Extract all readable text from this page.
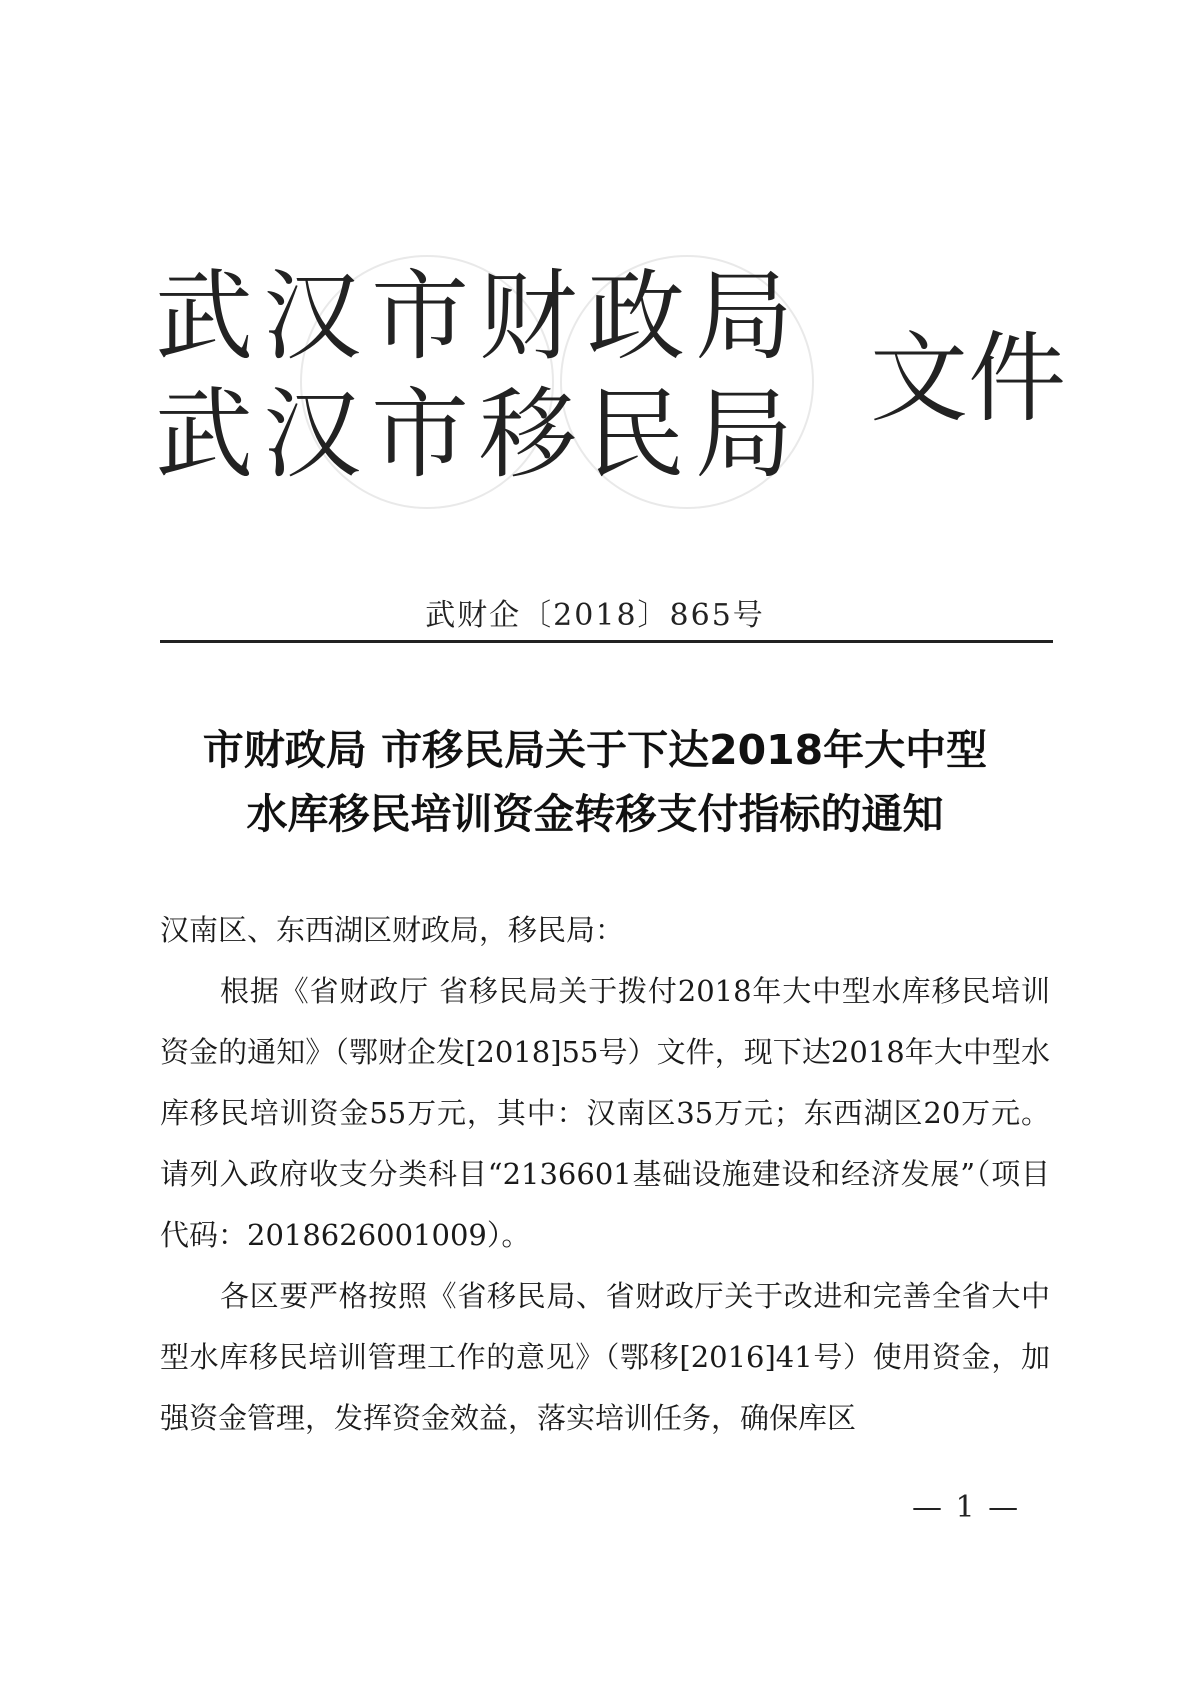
武汉市财政局
武汉市移民局 文件
武财企〔2018〕865号
市财政局 市移民局关于下达2018年大中型
水库移民培训资金转移支付指标的通知

汉南区、东西湖区财政局，移民局：

根据《省财政厅 省移民局关于拨付2018年大中型水库移民培训资金的通知》（鄂财企发[2018]55号）文件，现下达2018年大中型水库移民培训资金55万元，其中：汉南区35万元；东西湖区20万元。请列入政府收支分类科目“2136601基础设施建设和经济发展”（项目代码：2018626001009）。

各区要严格按照《省移民局、省财政厅关于改进和完善全省大中型水库移民培训管理工作的意见》（鄂移[2016]41号）使用资金，加强资金管理，发挥资金效益，落实培训任务，确保库区

— 1 —
